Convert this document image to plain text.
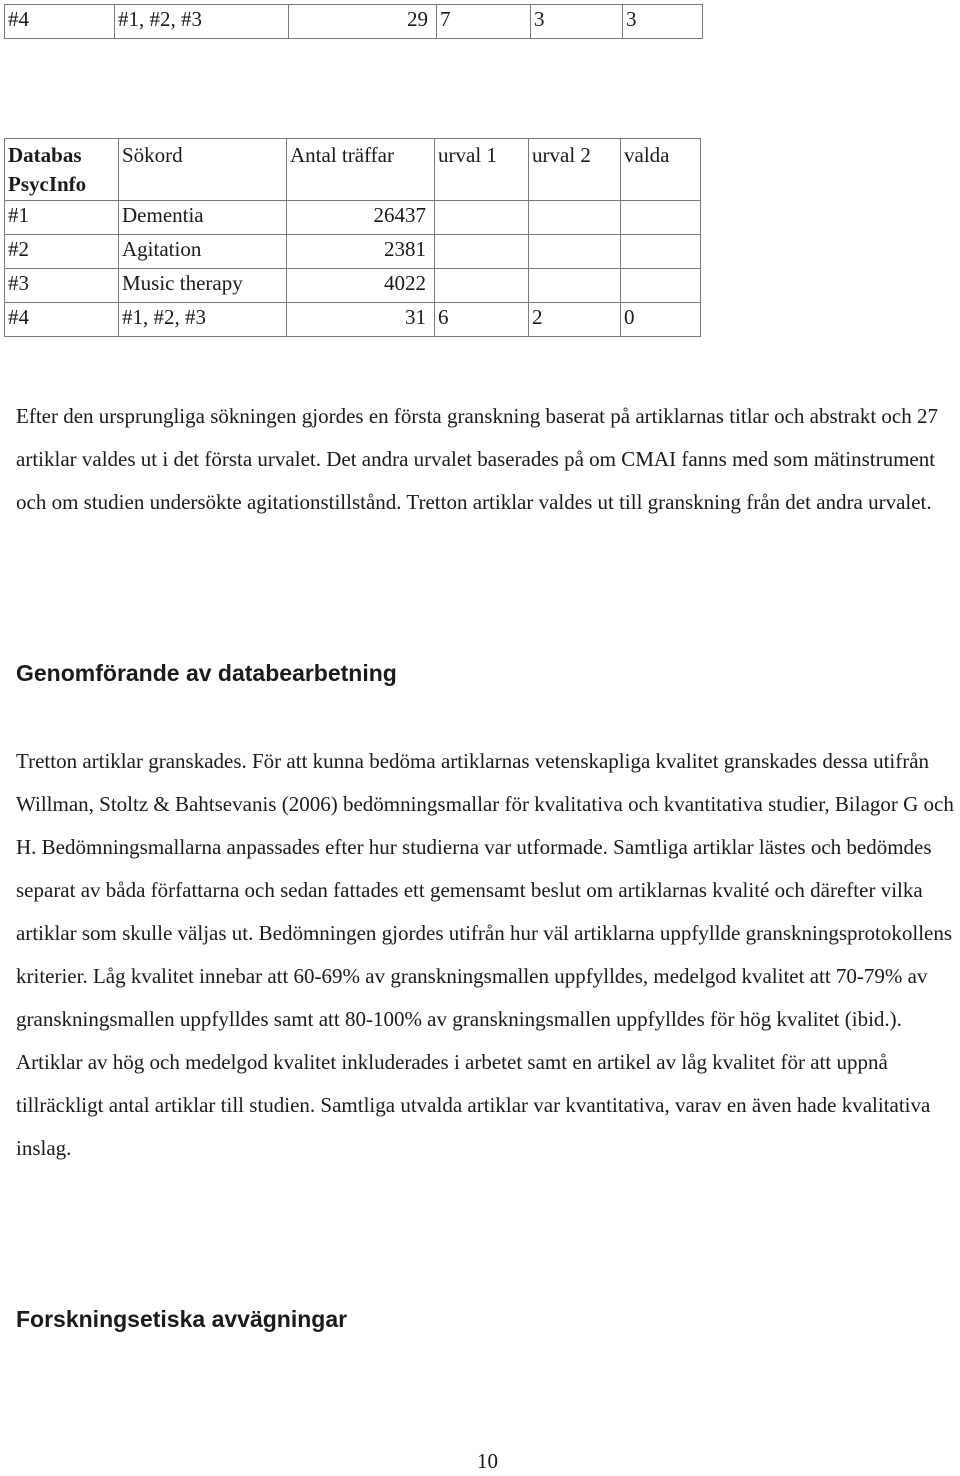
#4	#1, #2, #3	29	7	3	3
Databas
PsycInfo	Sökord	Antal träffar	urval 1	urval 2	valda
#1	Dementia	26437			
#2	Agitation	2381			
#3	Music therapy	4022			
#4	#1, #2, #3	31	6	2	0

Efter den ursprungliga sökningen gjordes en första granskning baserat på artiklarnas titlar och abstrakt och 27 artiklar valdes ut i det första urvalet. Det andra urvalet baserades på om CMAI fanns med som mätinstrument och om studien undersökte agitationstillstånd. Tretton artiklar valdes ut till granskning från det andra urvalet.

Genomförande av databearbetning

Tretton artiklar granskades. För att kunna bedöma artiklarnas vetenskapliga kvalitet granskades dessa utifrån Willman, Stoltz & Bahtsevanis (2006) bedömningsmallar för kvalitativa och kvantitativa studier, Bilagor G och H. Bedömningsmallarna anpassades efter hur studierna var utformade. Samtliga artiklar lästes och bedömdes separat av båda författarna och sedan fattades ett gemensamt beslut om artiklarnas kvalité och därefter vilka artiklar som skulle väljas ut. Bedömningen gjordes utifrån hur väl artiklarna uppfyllde granskningsprotokollens kriterier. Låg kvalitet innebar att 60-69% av granskningsmallen uppfylldes, medelgod kvalitet att 70-79% av granskningsmallen uppfylldes samt att 80-100% av granskningsmallen uppfylldes för hög kvalitet (ibid.). Artiklar av hög och medelgod kvalitet inkluderades i arbetet samt en artikel av låg kvalitet för att uppnå tillräckligt antal artiklar till studien. Samtliga utvalda artiklar var kvantitativa, varav en även hade kvalitativa inslag.

Forskningsetiska avvägningar
10
